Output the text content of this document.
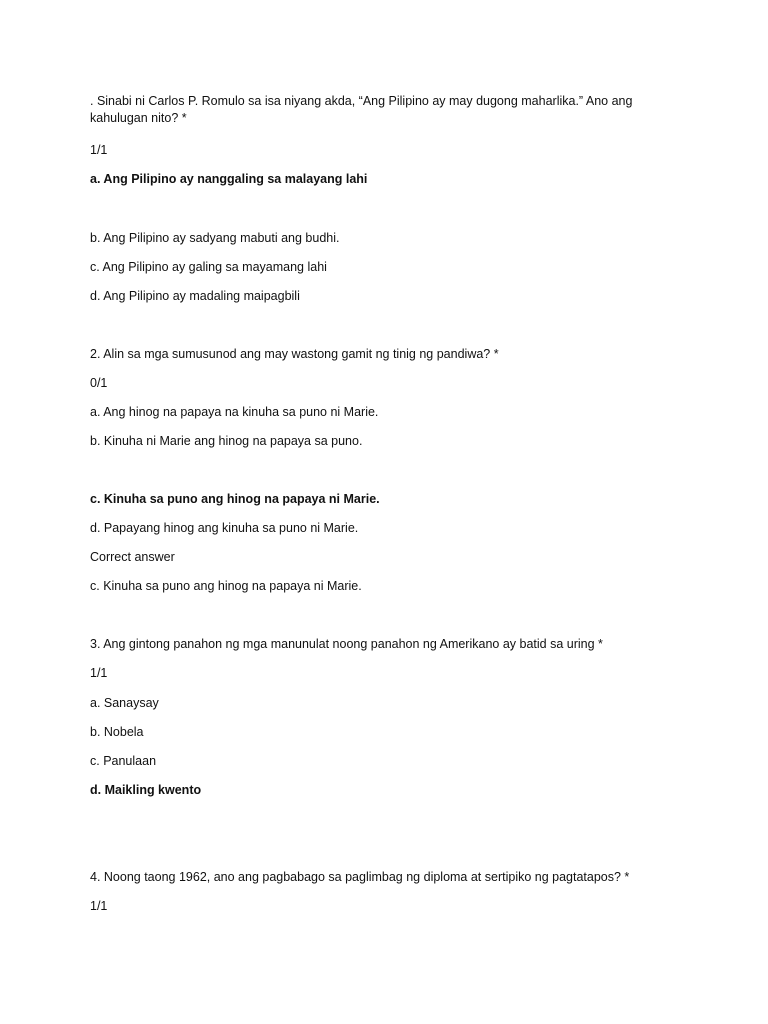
. Sinabi ni Carlos P. Romulo sa isa niyang akda, “Ang Pilipino ay may dugong maharlika.” Ano ang kahulugan nito? *
1/1
a. Ang Pilipino ay nanggaling sa malayang lahi
b. Ang Pilipino ay sadyang mabuti ang budhi.
c. Ang Pilipino ay galing sa mayamang lahi
d. Ang Pilipino ay madaling maipagbili
2. Alin sa mga sumusunod ang may wastong gamit ng tinig ng pandiwa? *
0/1
a. Ang hinog na papaya na kinuha sa puno ni Marie.
b. Kinuha ni Marie ang hinog na papaya sa puno.
c. Kinuha sa puno ang hinog na papaya ni Marie.
d. Papayang hinog ang kinuha sa puno ni Marie.
Correct answer
c. Kinuha sa puno ang hinog na papaya ni Marie.
3. Ang gintong panahon ng mga manunulat noong panahon ng Amerikano ay batid sa uring *
1/1
a. Sanaysay
b. Nobela
c. Panulaan
d. Maikling kwento
4. Noong taong 1962, ano ang pagbabago sa paglimbag ng diploma at sertipiko ng pagtatapos? *
1/1
